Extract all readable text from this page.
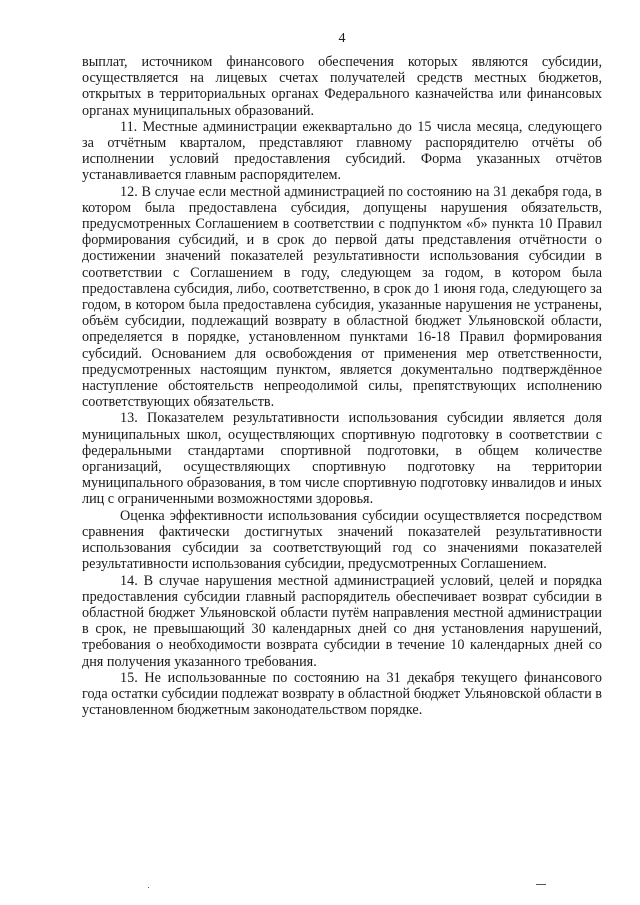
4

выплат, источником финансового обеспечения которых являются субсидии, осуществляется на лицевых счетах получателей средств местных бюджетов, открытых в территориальных органах Федерального казначейства или финансовых органах муниципальных образований.

11. Местные администрации ежеквартально до 15 числа месяца, следующего за отчётным кварталом, представляют главному распорядителю отчёты об исполнении условий предоставления субсидий. Форма указанных отчётов устанавливается главным распорядителем.

12. В случае если местной администрацией по состоянию на 31 декабря года, в котором была предоставлена субсидия, допущены нарушения обязательств, предусмотренных Соглашением в соответствии с подпунктом «б» пункта 10 Правил формирования субсидий, и в срок до первой даты представления отчётности о достижении значений показателей результативности использования субсидии в соответствии с Соглашением в году, следующем за годом, в котором была предоставлена субсидия, либо, соответственно, в срок до 1 июня года, следующего за годом, в котором была предоставлена субсидия, указанные нарушения не устранены, объём субсидии, подлежащий возврату в областной бюджет Ульяновской области, определяется в порядке, установленном пунктами 16-18 Правил формирования субсидий. Основанием для освобождения от применения мер ответственности, предусмотренных настоящим пунктом, является документально подтверждённое наступление обстоятельств непреодолимой силы, препятствующих исполнению соответствующих обязательств.

13. Показателем результативности использования субсидии является доля муниципальных школ, осуществляющих спортивную подготовку в соответствии с федеральными стандартами спортивной подготовки, в общем количестве организаций, осуществляющих спортивную подготовку на территории муниципального образования, в том числе спортивную подготовку инвалидов и иных лиц с ограниченными возможностями здоровья.

Оценка эффективности использования субсидии осуществляется посредством сравнения фактически достигнутых значений показателей результативности использования субсидии за соответствующий год со значениями показателей результативности использования субсидии, предусмотренных Соглашением.

14. В случае нарушения местной администрацией условий, целей и порядка предоставления субсидии главный распорядитель обеспечивает возврат субсидии в областной бюджет Ульяновской области путём направления местной администрации в срок, не превышающий 30 календарных дней со дня установления нарушений, требования о необходимости возврата субсидии в течение 10 календарных дней со дня получения указанного требования.

15. Не использованные по состоянию на 31 декабря текущего финансового года остатки субсидии подлежат возврату в областной бюджет Ульяновской области в установленном бюджетным законодательством порядке.
